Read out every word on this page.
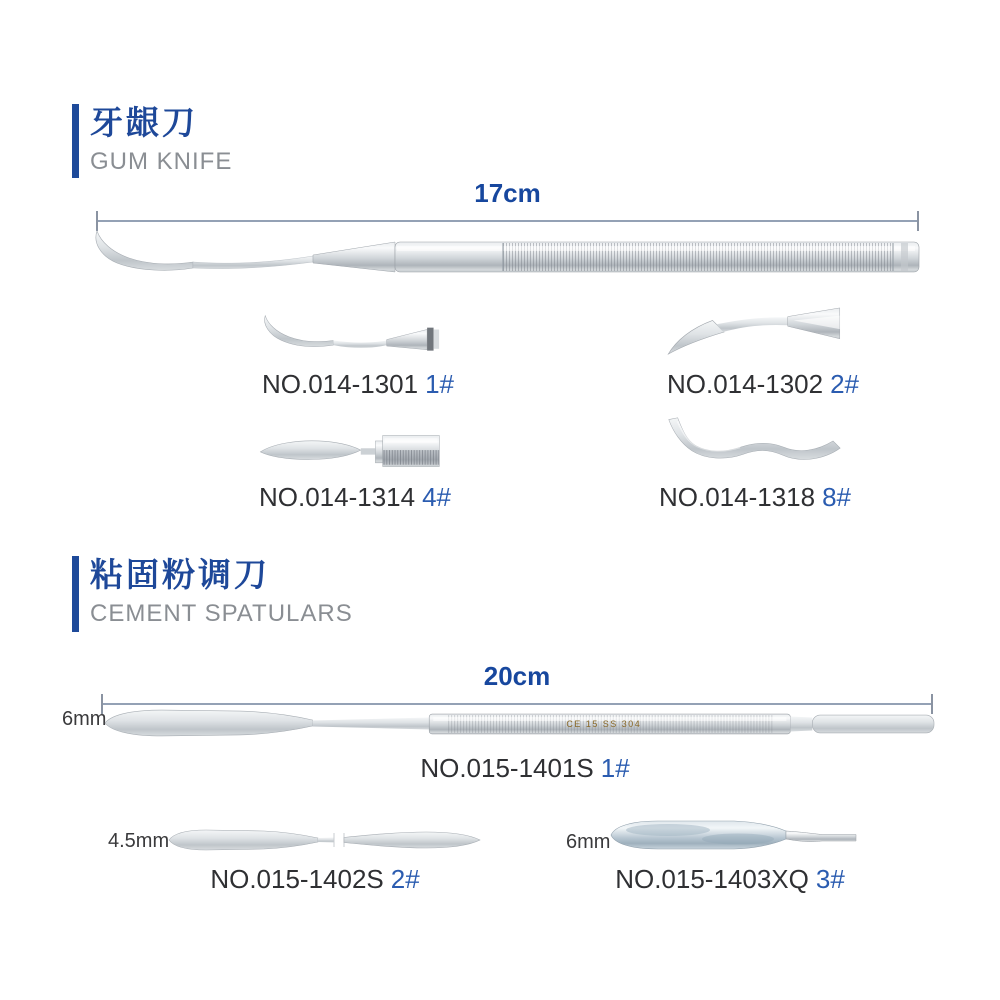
牙龈刀
GUM KNIFE
17cm
NO.014-1301 1#	NO.014-1302 2#
NO.014-1314 4#	NO.014-1318 8#
粘固粉调刀
CEMENT SPATULARS
20cm
6mm	CE 15 SS 304
NO.015-1401S 1#
4.5mm
NO.015-1402S 2#
6mm
NO.015-1403XQ 3#
